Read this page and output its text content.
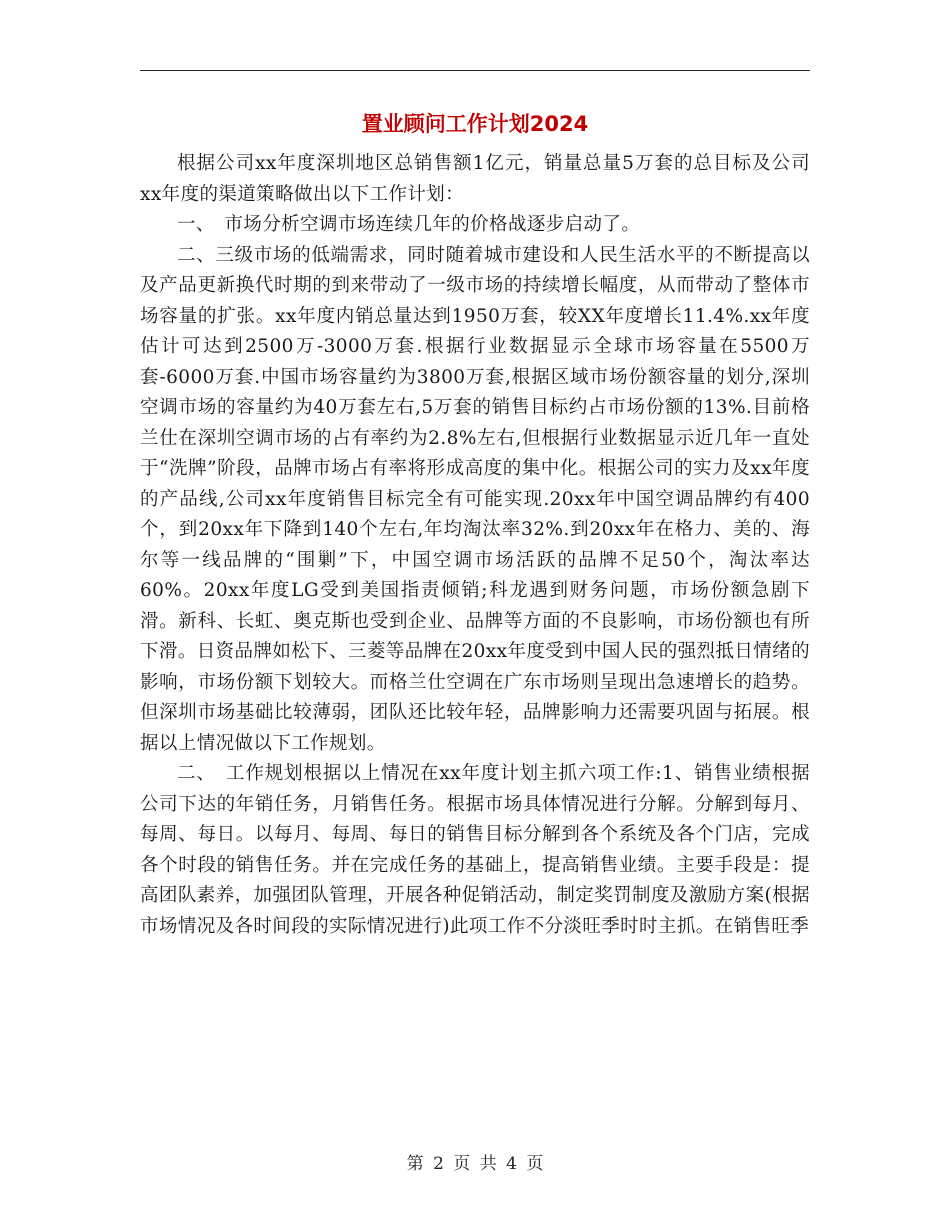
置业顾问工作计划2024

根据公司xx年度深圳地区总销售额1亿元，销量总量5万套的总目标及公司xx年度的渠道策略做出以下工作计划：

一、　市场分析空调市场连续几年的价格战逐步启动了。

二、三级市场的低端需求，同时随着城市建设和人民生活水平的不断提高以及产品更新换代时期的到来带动了一级市场的持续增长幅度，从而带动了整体市场容量的扩张。xx年度内销总量达到1950万套，较XX年度增长11.4%.xx年度估计可达到2500万-3000万套.根据行业数据显示全球市场容量在5500万套-6000万套.中国市场容量约为3800万套,根据区域市场份额容量的划分,深圳空调市场的容量约为40万套左右,5万套的销售目标约占市场份额的13%.目前格兰仕在深圳空调市场的占有率约为2.8%左右,但根据行业数据显示近几年一直处于“洗牌”阶段，品牌市场占有率将形成高度的集中化。根据公司的实力及xx年度的产品线,公司xx年度销售目标完全有可能实现.20xx年中国空调品牌约有400个，到20xx年下降到140个左右,年均淘汰率32%.到20xx年在格力、美的、海尔等一线品牌的“围剿”下，中国空调市场活跃的品牌不足50个，淘汰率达60%。20xx年度LG受到美国指责倾销;科龙遇到财务问题，市场份额急剧下滑。新科、长虹、奥克斯也受到企业、品牌等方面的不良影响，市场份额也有所下滑。日资品牌如松下、三菱等品牌在20xx年度受到中国人民的强烈抵日情绪的影响，市场份额下划较大。而格兰仕空调在广东市场则呈现出急速增长的趋势。但深圳市场基础比较薄弱，团队还比较年轻，品牌影响力还需要巩固与拓展。根据以上情况做以下工作规划。

二、　工作规划根据以上情况在xx年度计划主抓六项工作:1、销售业绩根据公司下达的年销任务，月销售任务。根据市场具体情况进行分解。分解到每月、每周、每日。以每月、每周、每日的销售目标分解到各个系统及各个门店，完成各个时段的销售任务。并在完成任务的基础上，提高销售业绩。主要手段是：提高团队素养，加强团队管理，开展各种促销活动，制定奖罚制度及激励方案(根据市场情况及各时间段的实际情况进行)此项工作不分淡旺季时时主抓。在销售旺季

第 2 页 共 4 页
